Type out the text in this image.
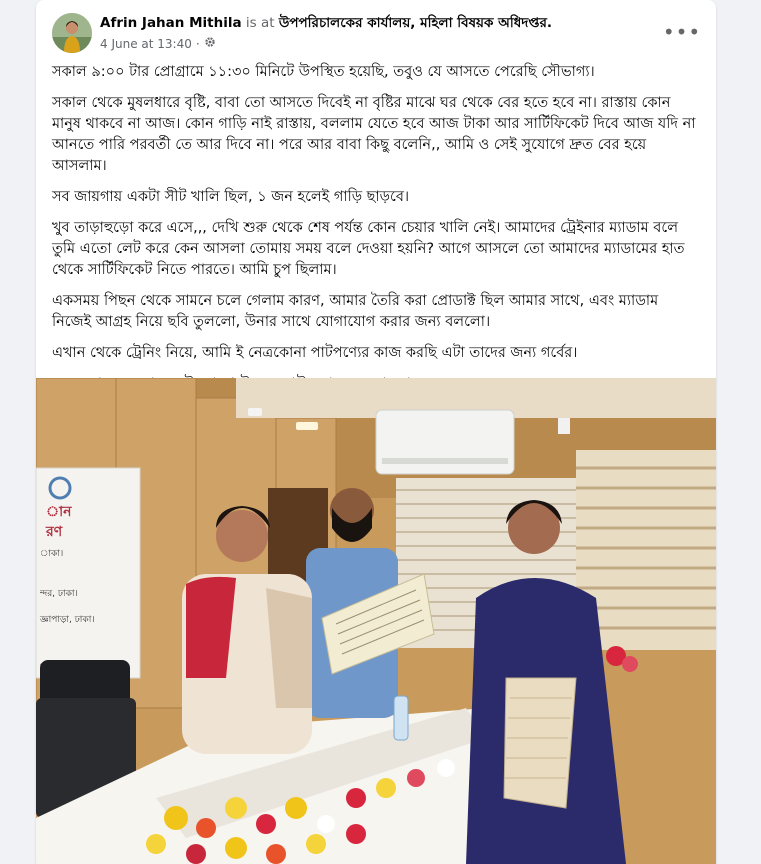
Afrin Jahan Mithila is at উপপরিচালকের কার্যালয়, মহিলা বিষয়ক অধিদপ্তর.
4 June at 13:40 ·	•••

সকাল ৯:০০ টার প্রোগ্রামে ১১:৩০ মিনিটে উপস্থিত হয়েছি, তবুও যে আসতে পেরেছি সৌভাগ্য।

সকাল থেকে মুষলধারে বৃষ্টি, বাবা তো আসতে দিবেই না বৃষ্টির মাঝে ঘর থেকে বের হতে হবে না। রাস্তায় কোন মানুষ থাকবে না আজ। কোন গাড়ি নাই রাস্তায়, বললাম যেতে হবে আজ টাকা আর সার্টিফিকেট দিবে আজ যদি না আনতে পারি পরবর্তী তে আর দিবে না। পরে আর বাবা কিছু বলেনি,, আমি ও সেই সুযোগে দ্রুত বের হয়ে আসলাম।

সব জায়গায় একটা সীট খালি ছিল, ১ জন হলেই গাড়ি ছাড়বে।

খুব তাড়াহুড়ো করে এসে,,, দেখি শুরু থেকে শেষ পর্যন্ত কোন চেয়ার খালি নেই। আমাদের ট্রেইনার ম্যাডাম বলে তুমি এতো লেট করে কেন আসলা তোমায় সময় বলে দেওয়া হয়নি? আগে আসলে তো আমাদের ম্যাডামের হাত থেকে সার্টিফিকেট নিতে পারতে। আমি চুপ ছিলাম।

একসময় পিছন থেকে সামনে চলে গেলাম কারণ, আমার তৈরি করা প্রোডাক্ট ছিল আমার সাথে, এবং ম্যাডাম নিজেই আগ্রহ নিয়ে ছবি তুললো, উনার সাথে যোগাযোগ করার জন্য বললো।

এখান থেকে ট্রেনিং নিয়ে, আমি ই নেত্রকোনা পাটপণ্যের কাজ করছি এটা তাদের জন্য গর্বের।

ান
রণ
াকা।
ন্দর, ঢাকা।
জ্ঞাপাড়া, ঢাকা।
